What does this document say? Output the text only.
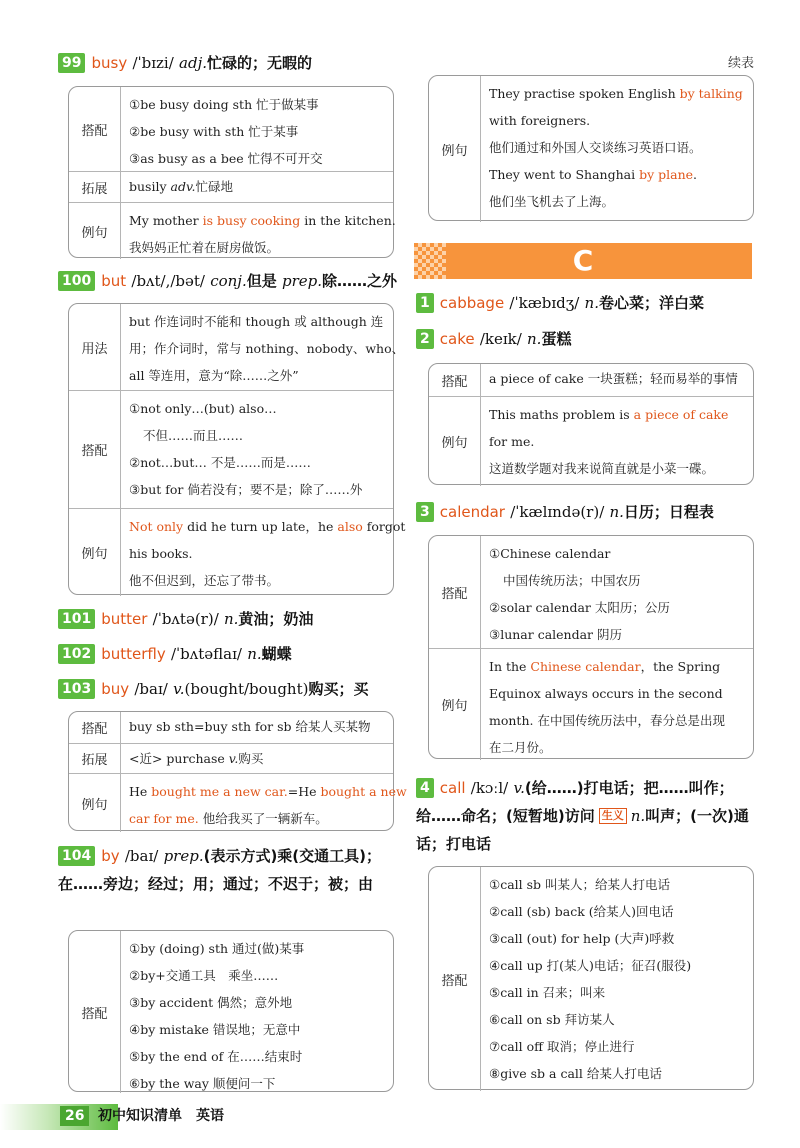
99 busy /ˈbɪzi/ adj.忙碌的；无暇的
搭配
①be busy doing sth 忙于做某事
②be busy with sth 忙于某事
③as busy as a bee 忙得不可开交
拓展	busily adv.忙碌地
例句
My mother is busy cooking in the kitchen.
我妈妈正忙着在厨房做饭。
100 but /bʌt/,/bət/ conj.但是 prep.除……之外
用法
but 作连词时不能和 though 或 although 连
用；作介词时，常与 nothing、nobody、who、
all 等连用，意为“除……之外”
搭配
①not only…(but) also…
不但……而且……
②not…but… 不是……而是……
③but for 倘若没有；要不是；除了……外
例句
Not only did he turn up late，he also forgot
his books.
他不但迟到，还忘了带书。
101 butter /ˈbʌtə(r)/ n.黄油；奶油
102 butterfly /ˈbʌtəflaɪ/ n.蝴蝶
103 buy /baɪ/ v.(bought/bought)购买；买
搭配	buy sb sth=buy sth for sb 给某人买某物
拓展	<近> purchase v.购买
例句
He bought me a new car.=He bought a new
car for me. 他给我买了一辆新车。
104 by /baɪ/ prep.(表示方式)乘(交通工具)；在……旁边；经过；用；通过；不迟于；被；由
搭配
①by (doing) sth 通过(做)某事
②by+交通工具　乘坐……
③by accident 偶然；意外地
④by mistake 错误地；无意中
⑤by the end of 在……结束时
⑥by the way 顺便问一下
续表
例句
They practise spoken English by talking
with foreigners.
他们通过和外国人交谈练习英语口语。
They went to Shanghai by plane.
他们坐飞机去了上海。
C
1 cabbage /ˈkæbɪdʒ/ n.卷心菜；洋白菜
2 cake /keɪk/ n.蛋糕
搭配	a piece of cake 一块蛋糕；轻而易举的事情
例句
This maths problem is a piece of cake
for me.
这道数学题对我来说简直就是小菜一碟。
3 calendar /ˈkælɪndə(r)/ n.日历；日程表
搭配
①Chinese calendar
中国传统历法；中国农历
②solar calendar 太阳历；公历
③lunar calendar 阴历
例句
In the Chinese calendar，the Spring
Equinox always occurs in the second
month. 在中国传统历法中，春分总是出现
在二月份。
4 call /kɔːl/ v.(给……)打电话；把……叫作；给……命名；(短暂地)访问 生义 n.叫声；(一次)通话；打电话
搭配
①call sb 叫某人；给某人打电话
②call (sb) back (给某人)回电话
③call (out) for help (大声)呼救
④call up 打(某人)电话；征召(服役)
⑤call in 召来；叫来
⑥call on sb 拜访某人
⑦call off 取消；停止进行
⑧give sb a call 给某人打电话
26 初中知识清单　英语
